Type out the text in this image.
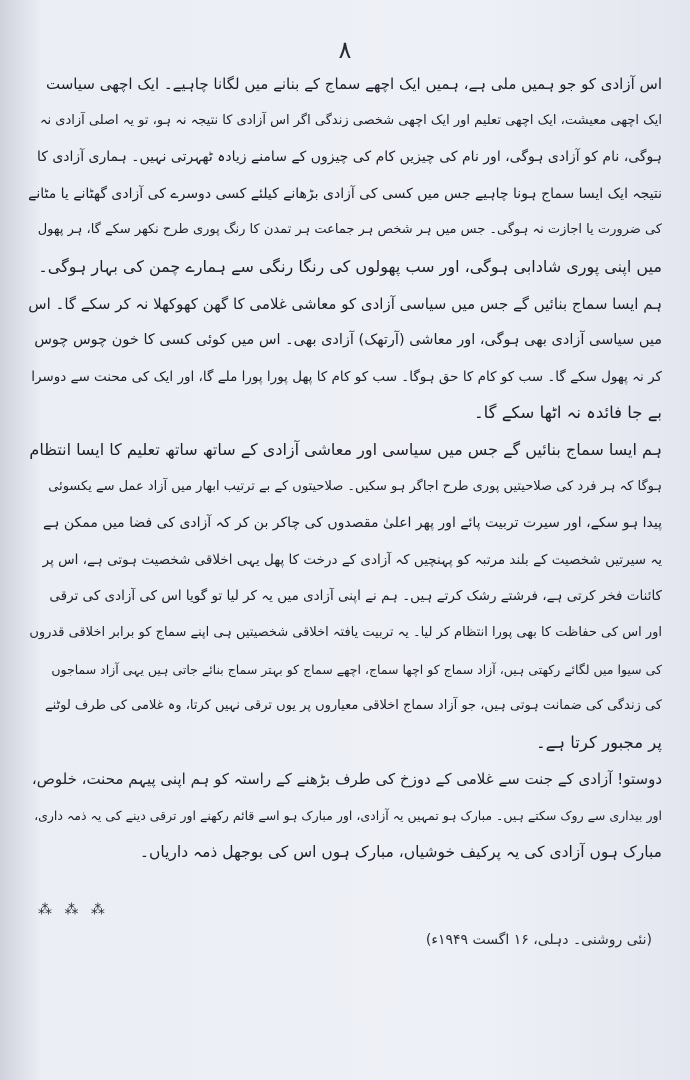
۸
اس آزادی کو جو ہمیں ملی ہے، ہمیں ایک اچھے سماج کے بنانے میں لگانا چاہیے۔ ایک اچھی سیاست
ایک اچھی معیشت، ایک اچھی تعلیم اور ایک اچھی شخصی زندگی اگر اس آزادی کا نتیجہ نہ ہو، تو یہ اصلی آزادی نہ
ہوگی، نام کو آزادی ہوگی، اور نام کی چیزیں کام کی چیزوں کے سامنے زیادہ ٹھہرتی نہیں۔ ہماری آزادی کا
نتیجہ ایک ایسا سماج ہونا چاہیے جس میں کسی کی آزادی بڑھانے کیلئے کسی دوسرے کی آزادی گھٹانے یا مٹانے
کی ضرورت یا اجازت نہ ہوگی۔ جس میں ہر شخص ہر جماعت ہر تمدن کا رنگ پوری طرح نکھر سکے گا، ہر پھول
میں اپنی پوری شادابی ہوگی، اور سب پھولوں کی رنگا رنگی سے ہمارے چمن کی بہار ہوگی۔
ہم ایسا سماج بنائیں گے جس میں سیاسی آزادی کو معاشی غلامی کا گھن کھوکھلا نہ کر سکے گا۔ اس
میں سیاسی آزادی بھی ہوگی، اور معاشی (آرتھک) آزادی بھی۔ اس میں کوئی کسی کا خون چوس چوس
کر نہ پھول سکے گا۔ سب کو کام کا حق ہوگا۔ سب کو کام کا پھل پورا پورا ملے گا، اور ایک کی محنت سے دوسرا
بے جا فائدہ نہ اٹھا سکے گا۔
ہم ایسا سماج بنائیں گے جس میں سیاسی اور معاشی آزادی کے ساتھ ساتھ تعلیم کا ایسا انتظام
ہوگا کہ ہر فرد کی صلاحیتیں پوری طرح اجاگر ہو سکیں۔ صلاحیتوں کے بے ترتیب ابھار میں آزاد عمل سے یکسوئی
پیدا ہو سکے، اور سیرت تربیت پائے اور پھر اعلیٰ مقصدوں کی چاکر بن کر کہ آزادی کی فضا میں ممکن ہے
یہ سیرتیں شخصیت کے بلند مرتبہ کو پہنچیں کہ آزادی کے درخت کا پھل یہی اخلاقی شخصیت ہوتی ہے، اس پر
کائنات فخر کرتی ہے، فرشتے رشک کرتے ہیں۔ ہم نے اپنی آزادی میں یہ کر لیا تو گویا اس کی آزادی کی ترقی
اور اس کی حفاظت کا بھی پورا انتظام کر لیا۔ یہ تربیت یافتہ اخلاقی شخصیتیں ہی اپنے سماج کو برابر اخلاقی قدروں
کی سیوا میں لگائے رکھتی ہیں، آزاد سماج کو اچھا سماج، اچھے سماج کو بہتر سماج بنائے جاتی ہیں یہی آزاد سماجوں
کی زندگی کی ضمانت ہوتی ہیں، جو آزاد سماج اخلاقی معیاروں پر یوں ترقی نہیں کرتا، وہ غلامی کی طرف لوٹنے
پر مجبور کرتا ہے۔
دوستو! آزادی کے جنت سے غلامی کے دوزخ کی طرف بڑھنے کے راستہ کو ہم اپنی پیہم محنت، خلوص،
اور بیداری سے روک سکتے ہیں۔ مبارک ہو تمہیں یہ آزادی، اور مبارک ہو اسے قائم رکھنے اور ترقی دینے کی یہ ذمہ داری،
مبارک ہوں آزادی کی یہ پرکیف خوشیاں، مبارک ہوں اس کی بوجھل ذمہ داریاں۔
⁂ ⁂ ⁂
(نئی روشنی۔ دہلی، ۱۶ اگست ۱۹۴۹ء)
